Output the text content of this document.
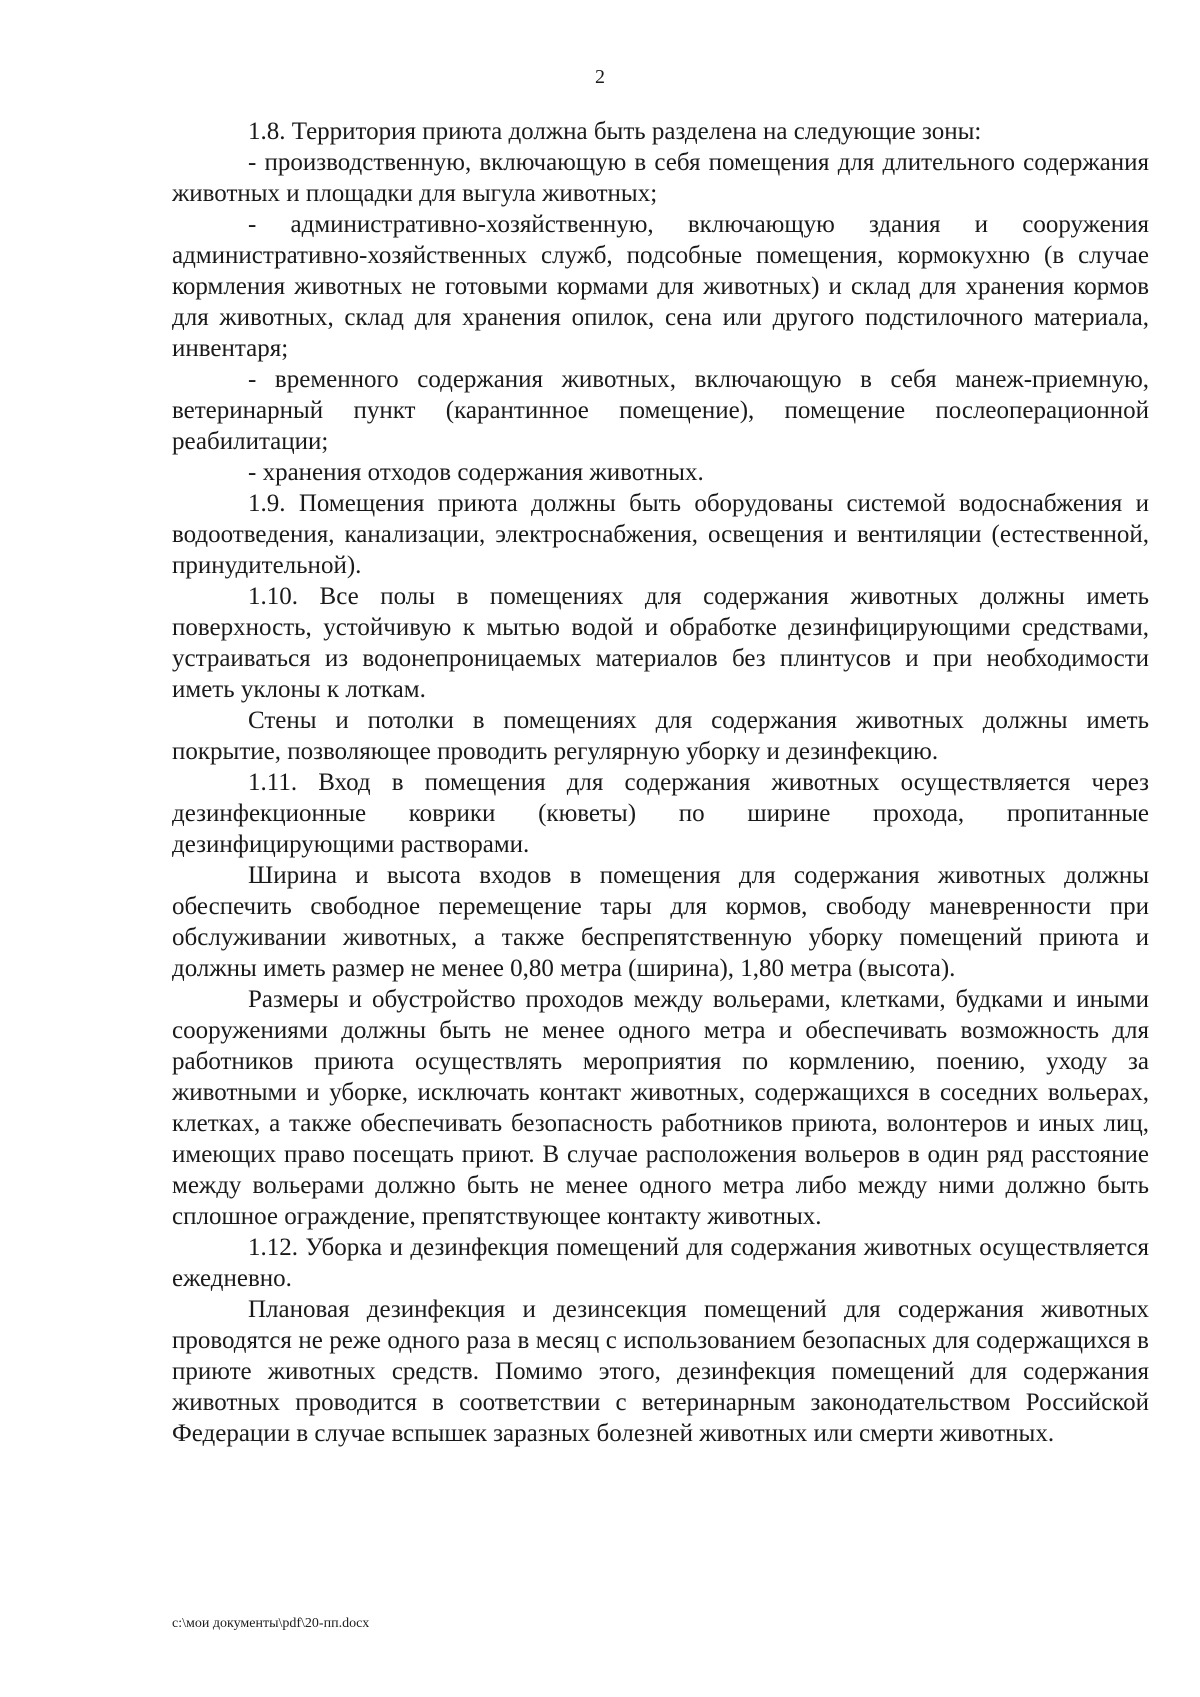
2

1.8. Территория приюта должна быть разделена на следующие зоны:

- производственную, включающую в себя помещения для длительного содержания животных и площадки для выгула животных;

- административно-хозяйственную, включающую здания и сооружения административно-хозяйственных служб, подсобные помещения, кормокухню (в случае кормления животных не готовыми кормами для животных) и склад для хранения кормов для животных, склад для хранения опилок, сена или другого подстилочного материала, инвентаря;

- временного содержания животных, включающую в себя манеж-приемную, ветеринарный пункт (карантинное помещение), помещение послеоперационной реабилитации;

- хранения отходов содержания животных.

1.9. Помещения приюта должны быть оборудованы системой водоснабжения и водоотведения, канализации, электроснабжения, освещения и вентиляции (естественной, принудительной).

1.10. Все полы в помещениях для содержания животных должны иметь поверхность, устойчивую к мытью водой и обработке дезинфицирующими средствами, устраиваться из водонепроницаемых материалов без плинтусов и при необходимости иметь уклоны к лоткам.

Стены и потолки в помещениях для содержания животных должны иметь покрытие, позволяющее проводить регулярную уборку и дезинфекцию.

1.11. Вход в помещения для содержания животных осуществляется через дезинфекционные коврики (кюветы) по ширине прохода, пропитанные дезинфицирующими растворами.

Ширина и высота входов в помещения для содержания животных должны обеспечить свободное перемещение тары для кормов, свободу маневренности при обслуживании животных, а также беспрепятственную уборку помещений приюта и должны иметь размер не менее 0,80 метра (ширина), 1,80 метра (высота).

Размеры и обустройство проходов между вольерами, клетками, будками и иными сооружениями должны быть не менее одного метра и обеспечивать возможность для работников приюта осуществлять мероприятия по кормлению, поению, уходу за животными и уборке, исключать контакт животных, содержащихся в соседних вольерах, клетках, а также обеспечивать безопасность работников приюта, волонтеров и иных лиц, имеющих право посещать приют. В случае расположения вольеров в один ряд расстояние между вольерами должно быть не менее одного метра либо между ними должно быть сплошное ограждение, препятствующее контакту животных.

1.12. Уборка и дезинфекция помещений для содержания животных осуществляется ежедневно.

Плановая дезинфекция и дезинсекция помещений для содержания животных проводятся не реже одного раза в месяц с использованием безопасных для содержащихся в приюте животных средств. Помимо этого, дезинфекция помещений для содержания животных проводится в соответствии с ветеринарным законодательством Российской Федерации в случае вспышек заразных болезней животных или смерти животных.

c:\мои документы\pdf\20-пп.docx
